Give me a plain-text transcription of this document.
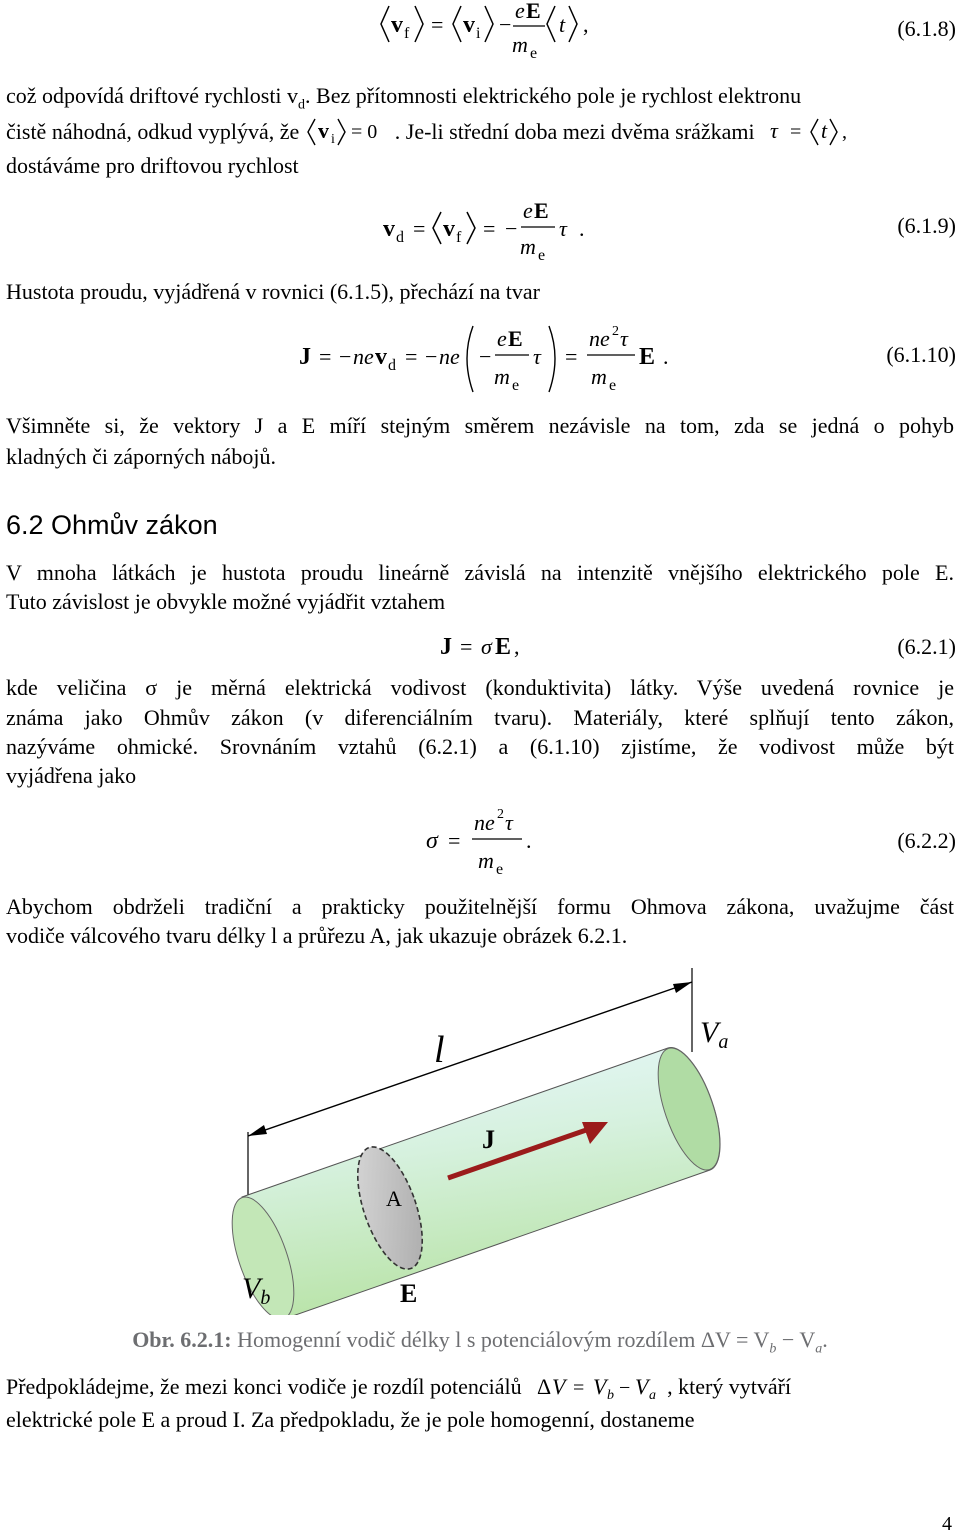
v f = v i −
e E
m e
t ,	(6.1.8)
což odpovídá driftové rychlosti $v_d$. Bez přítomnosti elektrického pole je rychlost elektronu
čistě náhodná, odkud vyplývá, že v i = 0 . Je-li střední doba mezi dvěma srážkami τ = t ,
dostáváme pro driftovou rychlost
v d = v f = −
e E
m e
τ .	(6.1.9)
Hustota proudu, vyjádřená v rovnici (6.1.5), přechází na tvar
J = − ne v d = − ne −
e E
m e
τ =
ne 2 τ
m e
E .	(6.1.10)
Všimněte si, že vektory J a E míří stejným směrem nezávisle na tom, zda se jedná o pohyb
kladných či záporných nábojů.
6.2 Ohmův zákon
V mnoha látkách je hustota proudu lineárně závislá na intenzitě vnějšího elektrického pole E.
Tuto závislost je obvykle možné vyjádřit vztahem
J = σ E ,	(6.2.1)
kde veličina σ je měrná elektrická vodivost (konduktivita) látky. Výše uvedená rovnice je
známa jako Ohmův zákon (v diferenciálním tvaru). Materiály, které splňují tento zákon,
nazýváme ohmické. Srovnáním vztahů (6.2.1) a (6.1.10) zjistíme, že vodivost může být
vyjádřena jako
σ =
ne 2 τ
m e
.	(6.2.2)
Abychom obdrželi tradiční a prakticky použitelnější formu Ohmova zákona, uvažujme část
vodiče válcového tvaru délky l a průřezu A, jak ukazuje obrázek 6.2.1.
l
J
A
E
$V_a$
$V_b$
Obr. 6.2.1: Homogenní vodič délky l s potenciálovým rozdílem $\Delta V = V_b - V_a$.
Předpokládejme, že mezi konci vodiče je rozdíl potenciálů Δ V = V b − V a , který vytváří
elektrické pole E a proud I. Za předpokladu, že je pole homogenní, dostaneme
4
